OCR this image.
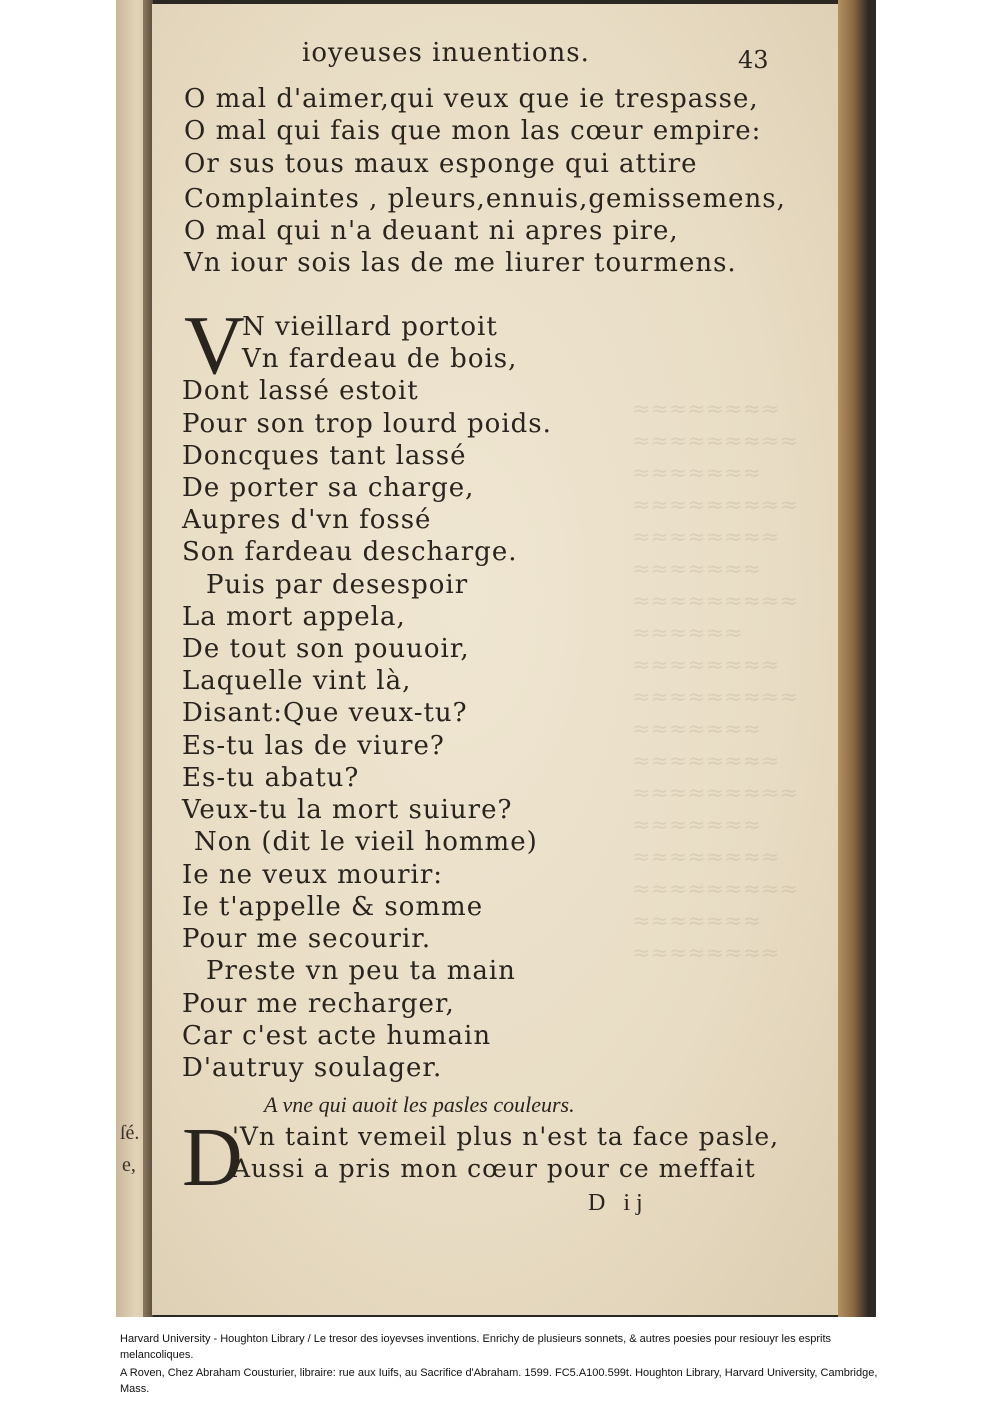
≈≈≈≈≈≈≈≈
≈≈≈≈≈≈≈≈≈
≈≈≈≈≈≈≈
≈≈≈≈≈≈≈≈≈
≈≈≈≈≈≈≈≈
≈≈≈≈≈≈≈
≈≈≈≈≈≈≈≈≈
≈≈≈≈≈≈
≈≈≈≈≈≈≈≈
≈≈≈≈≈≈≈≈≈
≈≈≈≈≈≈≈
≈≈≈≈≈≈≈≈
≈≈≈≈≈≈≈≈≈
≈≈≈≈≈≈≈
≈≈≈≈≈≈≈≈
≈≈≈≈≈≈≈≈≈
≈≈≈≈≈≈≈
≈≈≈≈≈≈≈≈
ioyeuses inuentions.	43
O mal d'aimer,qui veux que ie trespasse,
O mal qui fais que mon las cœur empire:
Or sus tous maux esponge qui attire
Complaintes , pleurs,ennuis,gemissemens,
O mal qui n'a deuant ni apres pire,
Vn iour sois las de me liurer tourmens.
V
N vieillard portoit
Vn fardeau de bois,
Dont lassé estoit
Pour son trop lourd poids.
Doncques tant lassé
De porter sa charge,
Aupres d'vn fossé
Son fardeau descharge.
Puis par desespoir
La mort appela,
De tout son pouuoir,
Laquelle vint là,
Disant:Que veux-tu?
Es-tu las de viure?
Es-tu abatu?
Veux-tu la mort suiure?
Non (dit le vieil homme)
Ie ne veux mourir:
Ie t'appelle & somme
Pour me secourir.
Preste vn peu ta main
Pour me recharger,
Car c'est acte humain
D'autruy soulager.
A vne qui auoit les pasles couleurs.
D
'Vn taint vemeil plus n'est ta face pasle,
Aussi a pris mon cœur pour ce meffait
D ij
ſé.
e,
Harvard University - Houghton Library / Le tresor des ioyevses inventions. Enrichy de plusieurs sonnets, & autres poesies pour resiouyr les esprits melancoliques.
A Roven, Chez Abraham Cousturier, libraire: rue aux Iuifs, au Sacrifice d'Abraham. 1599. FC5.A100.599t. Houghton Library, Harvard University, Cambridge, Mass.
